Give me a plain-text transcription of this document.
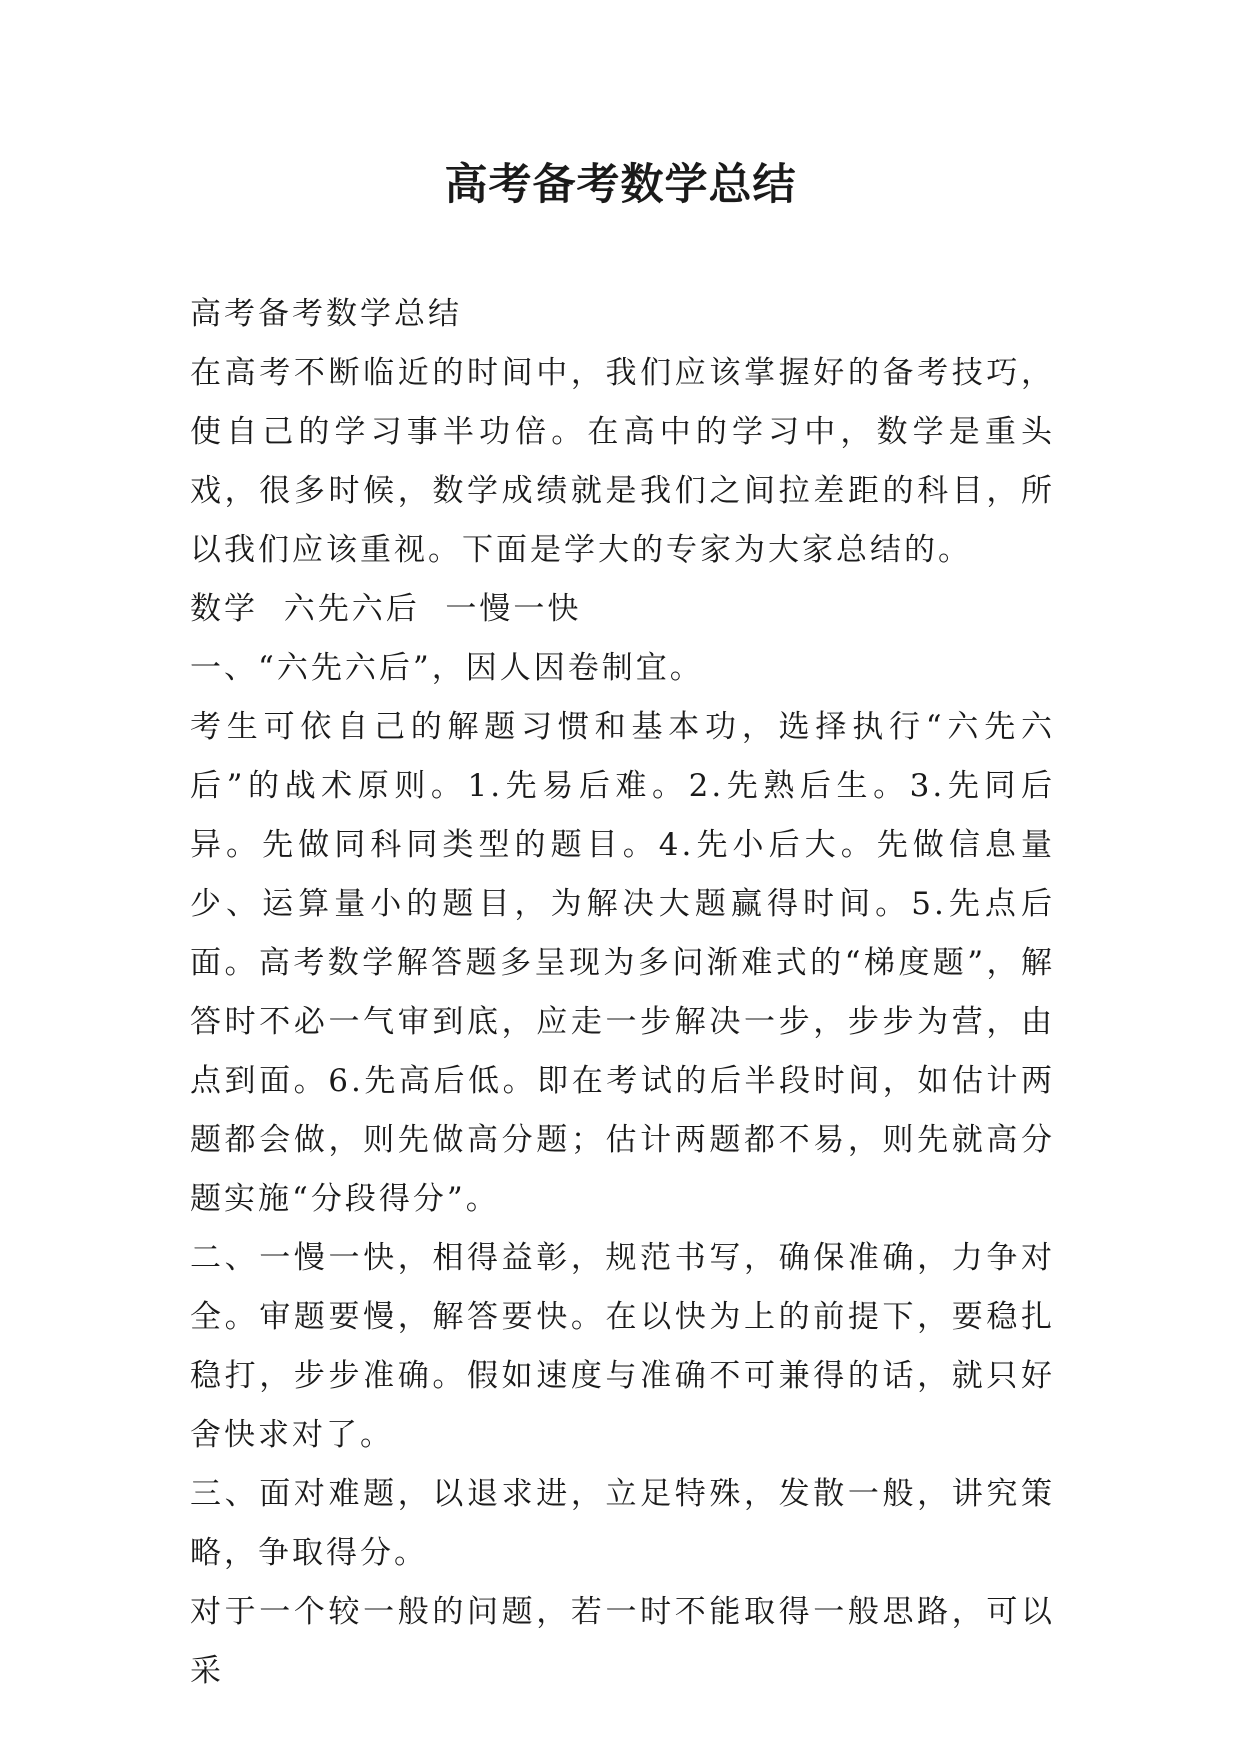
高考备考数学总结

高考备考数学总结

在高考不断临近的时间中，我们应该掌握好的备考技巧，使自己的学习事半功倍。在高中的学习中，数学是重头戏，很多时候，数学成绩就是我们之间拉差距的科目，所以我们应该重视。下面是学大的专家为大家总结的。

数学  六先六后  一慢一快

一、“六先六后”，因人因卷制宜。

考生可依自己的解题习惯和基本功，选择执行“六先六后”的战术原则。1.先易后难。2.先熟后生。3.先同后异。先做同科同类型的题目。4.先小后大。先做信息量少、运算量小的题目，为解决大题赢得时间。5.先点后面。高考数学解答题多呈现为多问渐难式的“梯度题”，解答时不必一气审到底，应走一步解决一步，步步为营，由点到面。6.先高后低。即在考试的后半段时间，如估计两题都会做，则先做高分题；估计两题都不易，则先就高分题实施“分段得分”。

二、一慢一快，相得益彰，规范书写，确保准确，力争对全。审题要慢，解答要快。在以快为上的前提下，要稳扎稳打，步步准确。假如速度与准确不可兼得的话，就只好舍快求对了。

三、面对难题，以退求进，立足特殊，发散一般，讲究策略，争取得分。

对于一个较一般的问题，若一时不能取得一般思路，可以采
